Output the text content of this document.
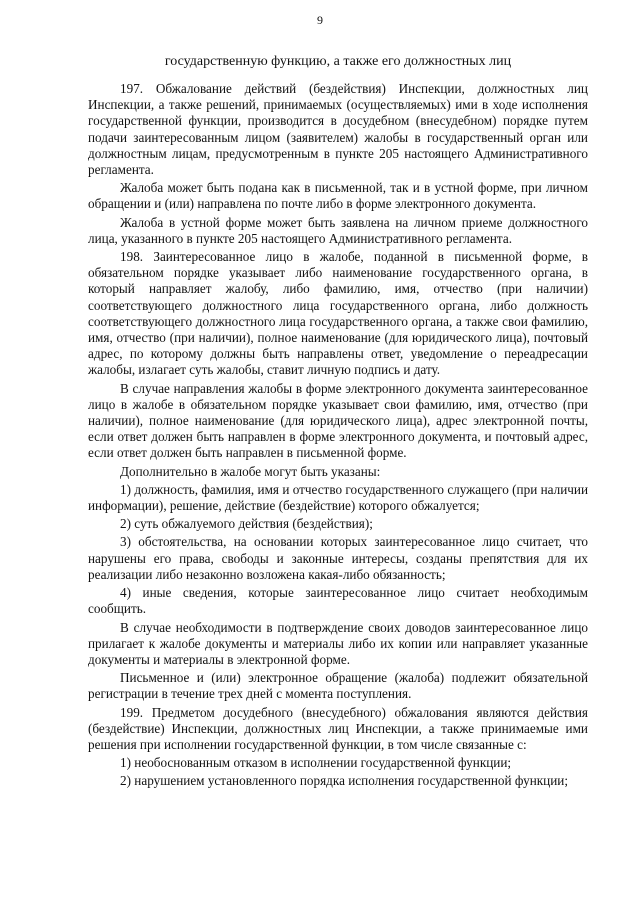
9
государственную функцию, а также его должностных лиц

197. Обжалование действий (бездействия) Инспекции, должностных лиц Инспекции, а также решений, принимаемых (осуществляемых) ими в ходе исполнения государственной функции, производится в досудебном (внесудебном) порядке путем подачи заинтересованным лицом (заявителем) жалобы в государственный орган или должностным лицам, предусмотренным в пункте 205 настоящего Административного регламента.

Жалоба может быть подана как в письменной, так и в устной форме, при личном обращении и (или) направлена по почте либо в форме электронного документа.

Жалоба в устной форме может быть заявлена на личном приеме должностного лица, указанного в пункте 205 настоящего Административного регламента.

198. Заинтересованное лицо в жалобе, поданной в письменной форме, в обязательном порядке указывает либо наименование государственного органа, в который направляет жалобу, либо фамилию, имя, отчество (при наличии) соответствующего должностного лица государственного органа, либо должность соответствующего должностного лица государственного органа, а также свои фамилию, имя, отчество (при наличии), полное наименование (для юридического лица), почтовый адрес, по которому должны быть направлены ответ, уведомление о переадресации жалобы, излагает суть жалобы, ставит личную подпись и дату.

В случае направления жалобы в форме электронного документа заинтересованное лицо в жалобе в обязательном порядке указывает свои фамилию, имя, отчество (при наличии), полное наименование (для юридического лица), адрес электронной почты, если ответ должен быть направлен в форме электронного документа, и почтовый адрес, если ответ должен быть направлен в письменной форме.

Дополнительно в жалобе могут быть указаны:

1) должность, фамилия, имя и отчество государственного служащего (при наличии информации), решение, действие (бездействие) которого обжалуется;

2) суть обжалуемого действия (бездействия);

3) обстоятельства, на основании которых заинтересованное лицо считает, что нарушены его права, свободы и законные интересы, созданы препятствия для их реализации либо незаконно возложена какая-либо обязанность;

4) иные сведения, которые заинтересованное лицо считает необходимым сообщить.

В случае необходимости в подтверждение своих доводов заинтересованное лицо прилагает к жалобе документы и материалы либо их копии или направляет указанные документы и материалы в электронной форме.

Письменное и (или) электронное обращение (жалоба) подлежит обязательной регистрации в течение трех дней с момента поступления.

199. Предметом досудебного (внесудебного) обжалования являются действия (бездействие) Инспекции, должностных лиц Инспекции, а также принимаемые ими решения при исполнении государственной функции, в том числе связанные с:

1) необоснованным отказом в исполнении государственной функции;

2) нарушением установленного порядка исполнения государственной функции;
